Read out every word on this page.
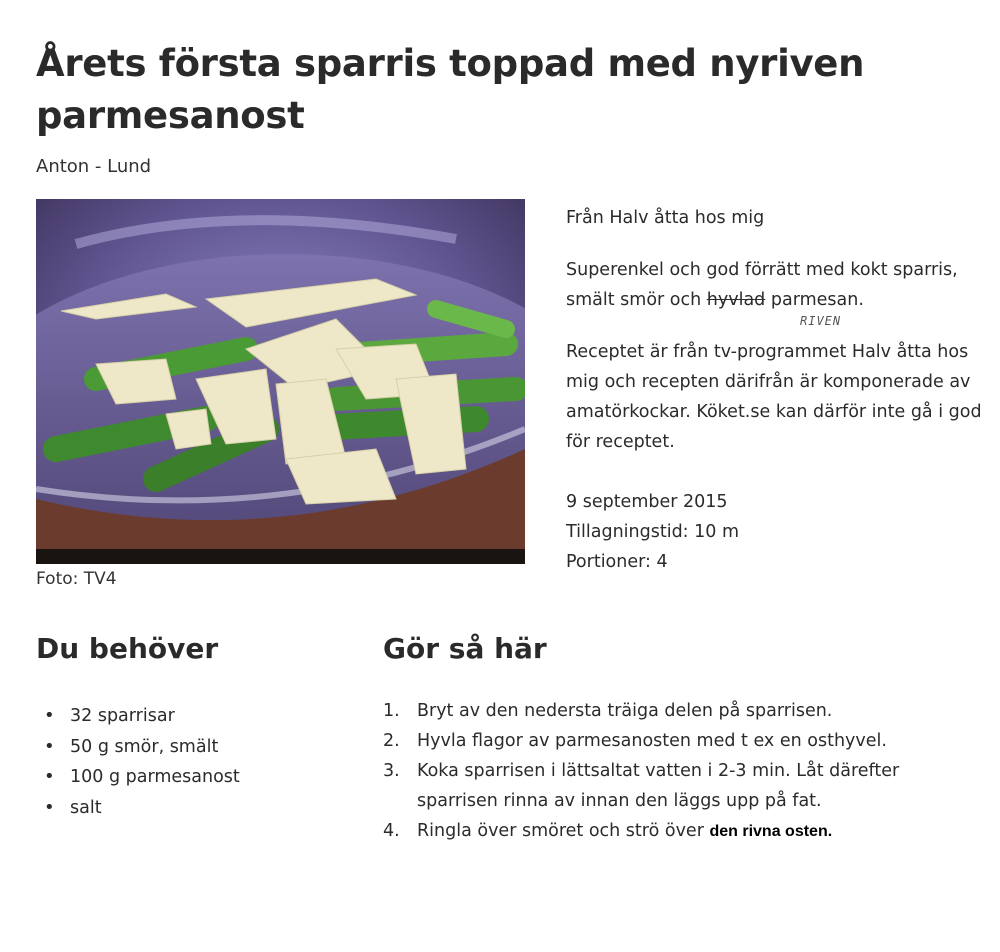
Årets första sparris toppad med nyriven parmesanost
Anton - Lund
Foto: TV4

Från Halv åtta hos mig

Superenkel och god förrätt med kokt sparris, smält smör och hyvlad parmesan.

Receptet är från tv-programmet Halv åtta hos mig och recepten därifrån är komponerade av amatörkockar. Köket.se kan därför inte gå i god för receptet.

RIVEN
9 september 2015
Tillagningstid: 10 m
Portioner: 4
Du behöver
• 32 sparrisar
• 50 g smör, smält
• 100 g parmesanost
• salt
Gör så här
1. Bryt av den nedersta träiga delen på sparrisen.
2. Hyvla flagor av parmesanosten med t ex en osthyvel.
3. Koka sparrisen i lättsaltat vatten i 2-3 min. Låt därefter sparrisen rinna av innan den läggs upp på fat.
4. Ringla över smöret och strö över den rivna osten.
